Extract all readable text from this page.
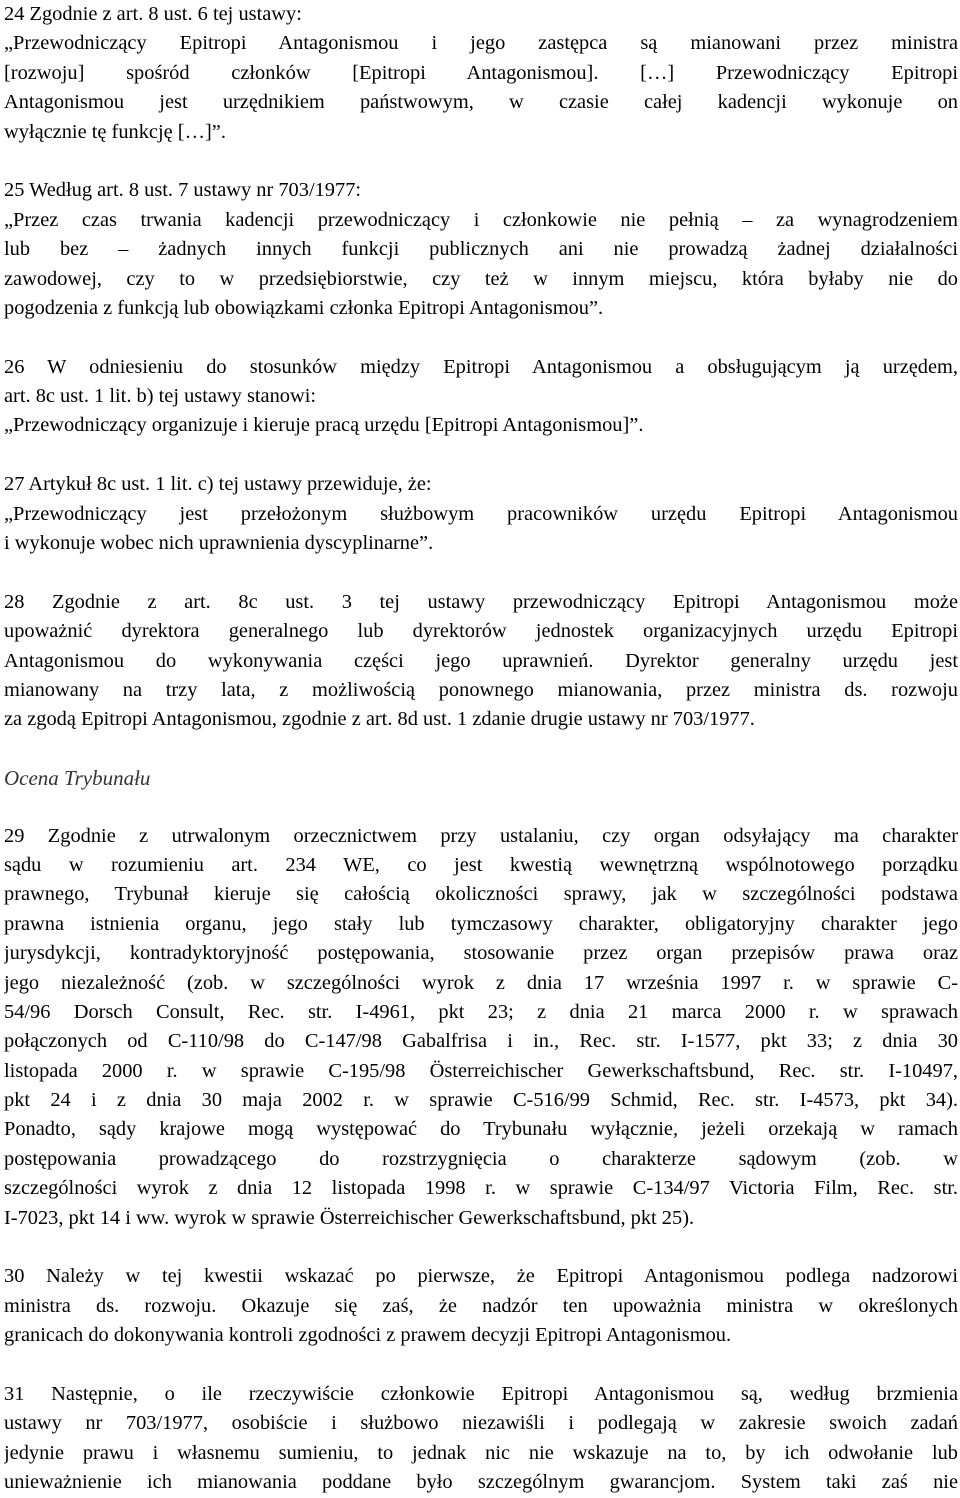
24 Zgodnie z art. 8 ust. 6 tej ustawy:
„Przewodniczący Epitropi Antagonismou i jego zastępca są mianowani przez ministra
[rozwoju] spośród członków [Epitropi Antagonismou]. […] Przewodniczący Epitropi
Antagonismou jest urzędnikiem państwowym, w czasie całej kadencji wykonuje on
wyłącznie tę funkcję […]”.
25 Według art. 8 ust. 7 ustawy nr 703/1977:
„Przez czas trwania kadencji przewodniczący i członkowie nie pełnią – za wynagrodzeniem
lub bez – żadnych innych funkcji publicznych ani nie prowadzą żadnej działalności
zawodowej, czy to w przedsiębiorstwie, czy też w innym miejscu, która byłaby nie do
pogodzenia z funkcją lub obowiązkami członka Epitropi Antagonismou”.
26 W odniesieniu do stosunków między Epitropi Antagonismou a obsługującym ją urzędem,
art. 8c ust. 1 lit. b) tej ustawy stanowi:
„Przewodniczący organizuje i kieruje pracą urzędu [Epitropi Antagonismou]”.
27 Artykuł 8c ust. 1 lit. c) tej ustawy przewiduje, że:
„Przewodniczący jest przełożonym służbowym pracowników urzędu Epitropi Antagonismou
i wykonuje wobec nich uprawnienia dyscyplinarne”.
28 Zgodnie z art. 8c ust. 3 tej ustawy przewodniczący Epitropi Antagonismou może
upoważnić dyrektora generalnego lub dyrektorów jednostek organizacyjnych urzędu Epitropi
Antagonismou do wykonywania części jego uprawnień. Dyrektor generalny urzędu jest
mianowany na trzy lata, z możliwością ponownego mianowania, przez ministra ds. rozwoju
za zgodą Epitropi Antagonismou, zgodnie z art. 8d ust. 1 zdanie drugie ustawy nr 703/1977.
Ocena Trybunału
29 Zgodnie z utrwalonym orzecznictwem przy ustalaniu, czy organ odsyłający ma charakter
sądu w rozumieniu art. 234 WE, co jest kwestią wewnętrzną wspólnotowego porządku
prawnego, Trybunał kieruje się całością okoliczności sprawy, jak w szczególności podstawa
prawna istnienia organu, jego stały lub tymczasowy charakter, obligatoryjny charakter jego
jurysdykcji, kontradyktoryjność postępowania, stosowanie przez organ przepisów prawa oraz
jego niezależność (zob. w szczególności wyrok z dnia 17 września 1997 r. w sprawie C-
54/96 Dorsch Consult, Rec. str. I-4961, pkt 23; z dnia 21 marca 2000 r. w sprawach
połączonych od C-110/98 do C-147/98 Gabalfrisa i in., Rec. str. I-1577, pkt 33; z dnia 30
listopada 2000 r. w sprawie C-195/98 Österreichischer Gewerkschaftsbund, Rec. str. I-10497,
pkt 24 i z dnia 30 maja 2002 r. w sprawie C-516/99 Schmid, Rec. str. I-4573, pkt 34).
Ponadto, sądy krajowe mogą występować do Trybunału wyłącznie, jeżeli orzekają w ramach
postępowania prowadzącego do rozstrzygnięcia o charakterze sądowym (zob. w
szczególności wyrok z dnia 12 listopada 1998 r. w sprawie C-134/97 Victoria Film, Rec. str.
I-7023, pkt 14 i ww. wyrok w sprawie Österreichischer Gewerkschaftsbund, pkt 25).
30 Należy w tej kwestii wskazać po pierwsze, że Epitropi Antagonismou podlega nadzorowi
ministra ds. rozwoju. Okazuje się zaś, że nadzór ten upoważnia ministra w określonych
granicach do dokonywania kontroli zgodności z prawem decyzji Epitropi Antagonismou.
31 Następnie, o ile rzeczywiście członkowie Epitropi Antagonismou są, według brzmienia
ustawy nr 703/1977, osobiście i służbowo niezawiśli i podlegają w zakresie swoich zadań
jedynie prawu i własnemu sumieniu, to jednak nic nie wskazuje na to, by ich odwołanie lub
unieważnienie ich mianowania poddane było szczególnym gwarancjom. System taki zaś nie
